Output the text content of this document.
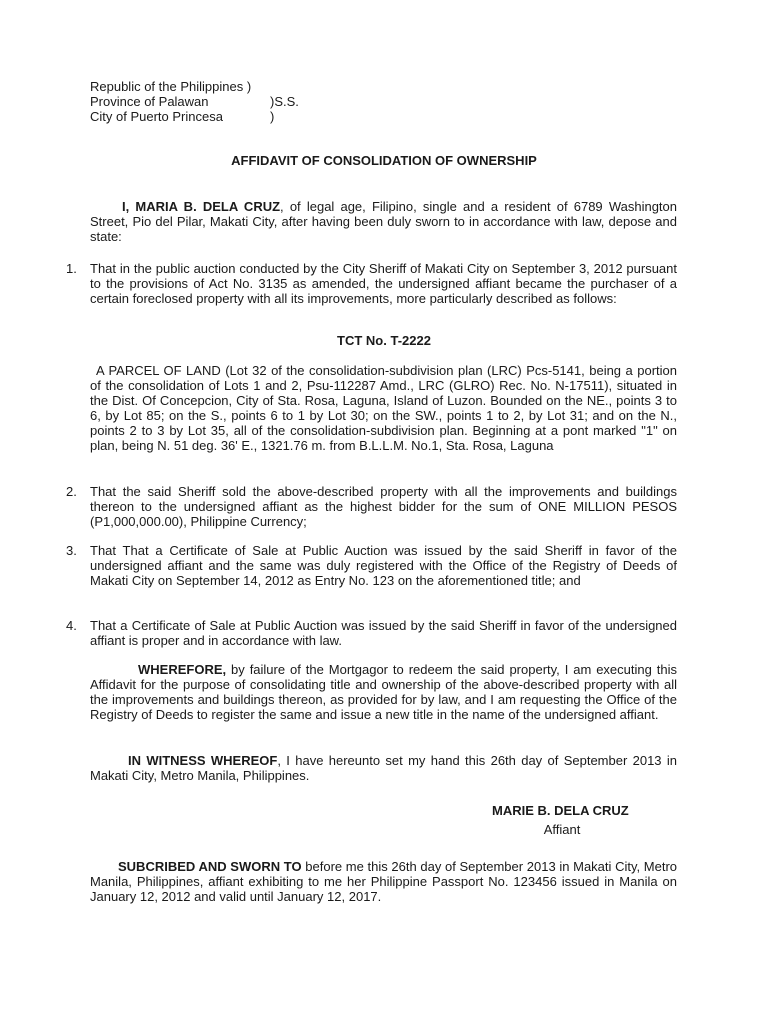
Republic of the Philippines )
Province of Palawan	)S.S.
City of Puerto Princesa	)
AFFIDAVIT OF CONSOLIDATION OF OWNERSHIP
I, MARIA B. DELA CRUZ, of legal age, Filipino, single and a resident of 6789 Washington Street, Pio del Pilar, Makati City, after having been duly sworn to in accordance with law, depose and state:
1.	That in the public auction conducted by the City Sheriff of Makati City on September 3, 2012 pursuant to the provisions of Act No. 3135 as amended, the undersigned affiant became the purchaser of a certain foreclosed property with all its improvements, more particularly described as follows:
TCT No. T-2222
A PARCEL OF LAND (Lot 32 of the consolidation-subdivision plan (LRC) Pcs-5141, being a portion of the consolidation of Lots 1 and 2, Psu-112287 Amd., LRC (GLRO) Rec. No. N-17511), situated in the Dist. Of Concepcion, City of Sta. Rosa, Laguna, Island of Luzon. Bounded on the NE., points 3 to 6, by Lot 85; on the S., points 6 to 1 by Lot 30; on the SW., points 1 to 2, by Lot 31; and on the N., points 2 to 3 by Lot 35, all of the consolidation-subdivision plan. Beginning at a pont marked "1" on plan, being N. 51 deg. 36' E., 1321.76 m. from B.L.L.M. No.1, Sta. Rosa, Laguna
2.	That the said Sheriff sold the above-described property with all the improvements and buildings thereon to the undersigned affiant as the highest bidder for the sum of ONE MILLION PESOS (P1,000,000.00), Philippine Currency;
3.	That That a Certificate of Sale at Public Auction was issued by the said Sheriff in favor of the undersigned affiant and the same was duly registered with the Office of the Registry of Deeds of Makati City on September 14, 2012 as Entry No. 123 on the aforementioned title; and
4.	That a Certificate of Sale at Public Auction was issued by the said Sheriff in favor of the undersigned affiant is proper and in accordance with law.
WHEREFORE, by failure of the Mortgagor to redeem the said property, I am executing this Affidavit for the purpose of consolidating title and ownership of the above-described property with all the improvements and buildings thereon, as provided for by law, and I am requesting the Office of the Registry of Deeds to register the same and issue a new title in the name of the undersigned affiant.
IN WITNESS WHEREOF, I have hereunto set my hand this 26th day of September 2013 in Makati City, Metro Manila, Philippines.
MARIE B. DELA CRUZ
Affiant
SUBCRIBED AND SWORN TO before me this 26th day of September 2013 in Makati City, Metro Manila, Philippines, affiant exhibiting to me her Philippine Passport No. 123456 issued in Manila on January 12, 2012 and valid until January 12, 2017.
